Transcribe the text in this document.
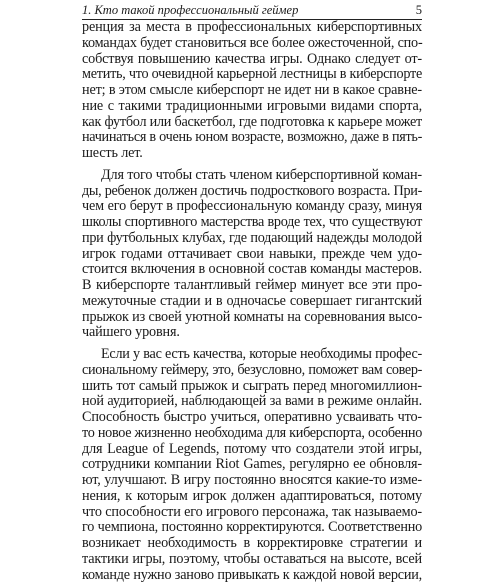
1. Кто такой профессиональный геймер	5
ренция за места в профессиональных киберспортивных
командах будет становиться все более ожесточенной, спо-
собствуя повышению качества игры. Однако следует от-
метить, что очевидной карьерной лестницы в киберспорте
нет; в этом смысле киберспорт не идет ни в какое сравне-
ние с такими традиционными игровыми видами спорта,
как футбол или баскетбол, где подготовка к карьере может
начинаться в очень юном возрасте, возможно, даже в пять-
шесть лет.
Для того чтобы стать членом киберспортивной коман-
ды, ребенок должен достичь подросткового возраста. При-
чем его берут в профессиональную команду сразу, минуя
школы спортивного мастерства вроде тех, что существуют
при футбольных клубах, где подающий надежды молодой
игрок годами оттачивает свои навыки, прежде чем удо-
стоится включения в основной состав команды мастеров.
В киберспорте талантливый геймер минует все эти про-
межуточные стадии и в одночасье совершает гигантский
прыжок из своей уютной комнаты на соревнования высо-
чайшего уровня.
Если у вас есть качества, которые необходимы профес-
сиональному геймеру, это, безусловно, поможет вам совер-
шить тот самый прыжок и сыграть перед многомиллион-
ной аудиторией, наблюдающей за вами в режиме онлайн.
Способность быстро учиться, оперативно усваивать что-
то новое жизненно необходима для киберспорта, особенно
для League of Legends, потому что создатели этой игры,
сотрудники компании Riot Games, регулярно ее обновля-
ют, улучшают. В игру постоянно вносятся какие-то изме-
нения, к которым игрок должен адаптироваться, потому
что способности его игрового персонажа, так называемо-
го чемпиона, постоянно корректируются. Соответственно
возникает необходимость в корректировке стратегии и
тактики игры, поэтому, чтобы оставаться на высоте, всей
команде нужно заново привыкать к каждой новой версии,
